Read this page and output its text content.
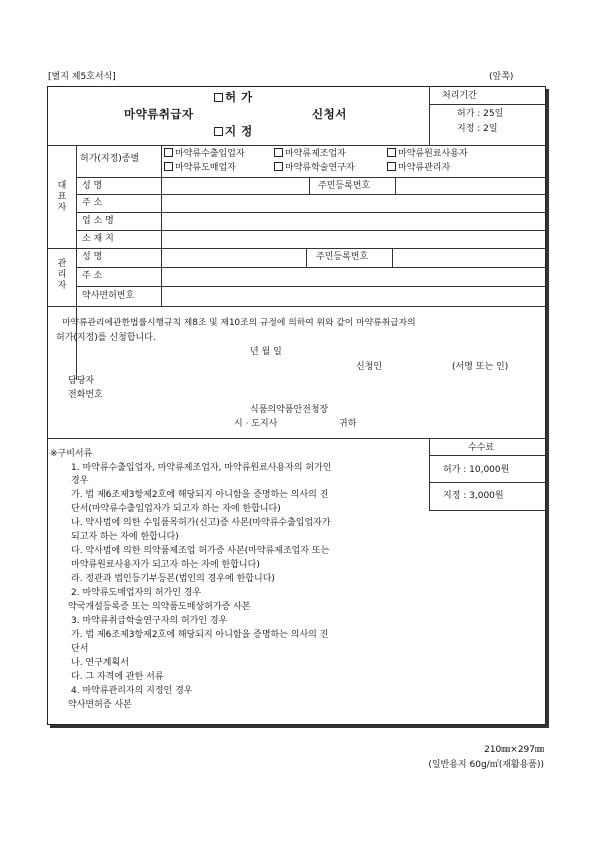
[별지 제5호서식]	(앞쪽)
허 가
마약류취급자	신청서
지 정
처리기간
허가 : 25일
지정 : 2일
대표자
허가(지정)종별	마약류수출입업자	마약류제조업자	마약류원료사용자
마약류도매업자	마약류학술연구자	마약류관리자
성 명	주민등록번호
주 소
업 소 명
소 재 지
관리자
성 명	주민등록번호
주 소
약사면허번호
마약류관리에관한법률시행규칙 제8조 및 제10조의 규정에 의하여 위와 같이 마약류취급자의
허가(지정)를 신청합니다.
년 월 일
신청인	(서명 또는 인)
담당자
전화번호
식품의약품안전청장
시 · 도지사	귀하
수수료
허가 : 10,000원
지정 : 3,000원
※구비서류
1. 마약류수출입업자, 마약류제조업자, 마약류원료사용자의 허가인
경우
가. 법 제6조제3항제2호에 해당되지 아니함을 증명하는 의사의 진
단서(마약류수출입업자가 되고자 하는 자에 한합니다)
나. 약사법에 의한 수입품목허가(신고)증 사본(마약류수출입업자가
되고자 하는 자에 한합니다)
다. 약사법에 의한 의약품제조업 허가증 사본(마약류제조업자 또는
마약류원료사용자가 되고자 하는 자에 한합니다)
라. 정관과 법인등기부등본(법인의 경우에 한합니다)
2. 마약류도매업자의 허가인 경우
약국개설등록증 또는 의약품도매상허가증 사본
3. 마약류취급학술연구자의 허가인 경우
가. 법 제6조제3항제2호에 해당되지 아니함을 증명하는 의사의 진
단서
나. 연구계획서
다. 그 자격에 관한 서류
4. 마약류관리자의 지정인 경우
약사면허증 사본
210㎜×297㎜
(일반용지 60g/㎡(재활용품))
